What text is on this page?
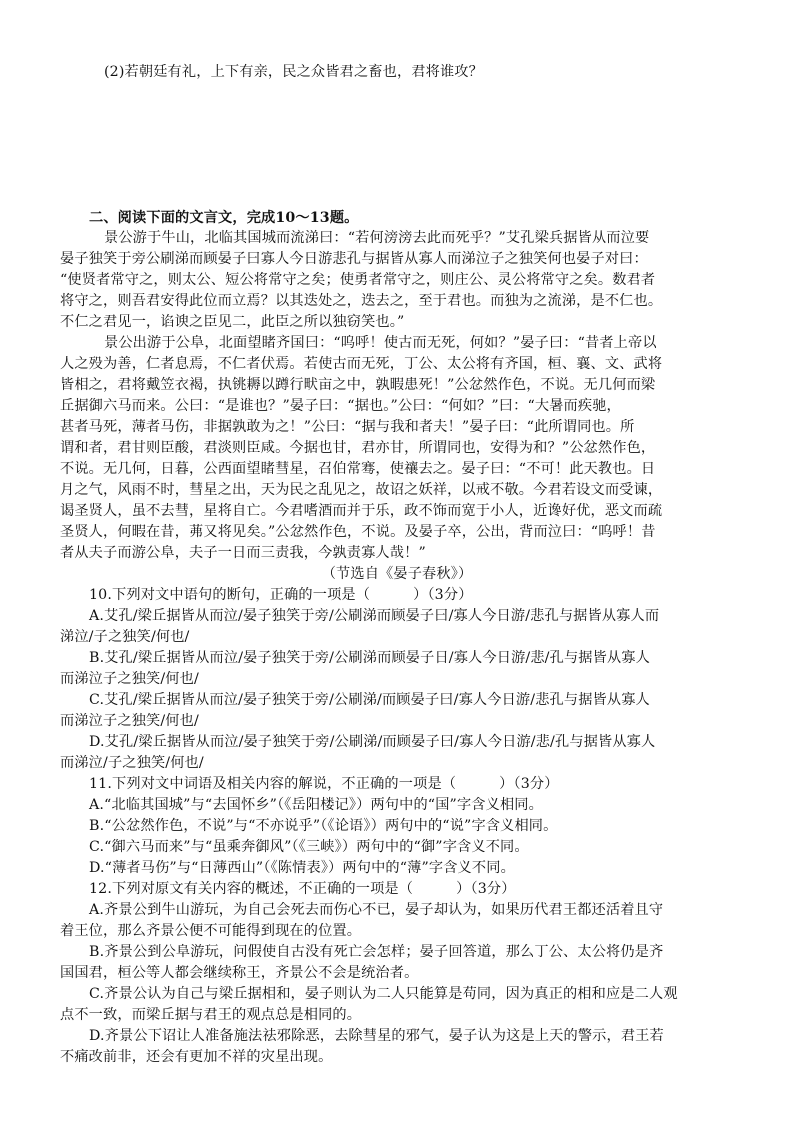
(2)若朝廷有礼，上下有亲，民之众皆君之畜也，君将谁攻？
二、阅读下面的文言文，完成10～13题。
景公游于牛山，北临其国城而流涕曰：“若何滂滂去此而死乎？”艾孔梁兵据皆从而泣要
晏子独笑于旁公刷涕而顾晏子曰寡人今日游悲孔与据皆从寡人而涕泣子之独笑何也晏子对曰：
“使贤者常守之，则太公、短公将常守之矣；使勇者常守之，则庄公、灵公将常守之矣。数君者
将守之，则吾君安得此位而立焉？以其迭处之，迭去之，至于君也。而独为之流涕，是不仁也。
不仁之君见一，谄谀之臣见二，此臣之所以独窃笑也。”
景公出游于公阜，北面望睹齐国曰：“呜呼！使古而无死，何如？”晏子曰：“昔者上帝以
人之殁为善，仁者息焉，不仁者伏焉。若使古而无死，丁公、太公将有齐国，桓、襄、文、武将
皆相之，君将戴笠衣褐，执铫耨以蹲行畎亩之中，孰暇患死！”公忿然作色，不说。无几何而梁
丘据御六马而来。公曰：“是谁也？”晏子曰：“据也。”公曰：“何如？”曰：“大暑而疾驰，
甚者马死，薄者马伤，非据孰敢为之！”公曰：“据与我和者夫！”晏子曰：“此所谓同也。所
谓和者，君甘则臣酸，君淡则臣咸。今据也甘，君亦甘，所谓同也，安得为和？”公忿然作色，
不说。无几何，日暮，公西面望睹彗星，召伯常骞，使禳去之。晏子曰：“不可！此天教也。日
月之气，风雨不时，彗星之出，天为民之乱见之，故诏之妖祥，以戒不敬。今君若设文而受谏，
谒圣贤人，虽不去彗，星将自亡。今君嗜酒而并于乐，政不饰而宽于小人，近谗好优，恶文而疏
圣贤人，何暇在昔，茀又将见矣。”公忿然作色，不说。及晏子卒，公出，背而泣曰：“呜呼！昔
者从夫子而游公阜，夫子一日而三责我，今孰责寡人哉！”
（节选自《晏子春秋》）
10.下列对文中语句的断句，正确的一项是（　　　）（3分）
A.艾孔/梁丘据皆从而泣/晏子独笑于旁/公刷涕而顾晏子曰/寡人今日游/悲孔与据皆从寡人而
涕泣/子之独笑/何也/
B.艾孔/梁丘据皆从而泣/晏子独笑于旁/公刷涕而顾晏子日/寡人今日游/悲/孔与据皆从寡人
而涕泣子之独笑/何也/
C.艾孔/梁丘据皆从而泣/晏子独笑于旁/公刷涕/而顾晏子曰/寡人今日游/悲孔与据皆从寡人
而涕泣子之独笑/何也/
D.艾孔/梁丘据皆从而泣/晏子独笑于旁/公刷涕/而顾晏子曰/寡人今日游/悲/孔与据皆从寡人
而涕泣/子之独笑/何也/
11.下列对文中词语及相关内容的解说，不正确的一项是（　　　）（3分）
A.“北临其国城”与“去国怀乡”（《岳阳楼记》）两句中的“国”字含义相同。
B.“公忿然作色，不说”与“不亦说乎”（《论语》）两句中的“说”字含义相同。
C.“御六马而来”与“虽乘奔御风”（《三峡》）两句中的“御”字含义不同。
D.“薄者马伤”与“日薄西山”（《陈情表》）两句中的“薄”字含义不同。
12.下列对原文有关内容的概述，不正确的一项是（　　　）（3分）
A.齐景公到牛山游玩，为自己会死去而伤心不已，晏子却认为，如果历代君王都还活着且守
着王位，那么齐景公便不可能得到现在的位置。
B.齐景公到公阜游玩，问假使自古没有死亡会怎样；晏子回答道，那么丁公、太公将仍是齐
国国君，桓公等人都会继续称王，齐景公不会是统治者。
C.齐景公认为自己与梁丘据相和，晏子则认为二人只能算是苟同，因为真正的相和应是二人观
点不一致，而梁丘据与君王的观点总是相同的。
D.齐景公下诏让人准备施法祛邪除恶，去除彗星的邪气，晏子认为这是上天的警示，君王若
不痛改前非，还会有更加不祥的灾星出现。
